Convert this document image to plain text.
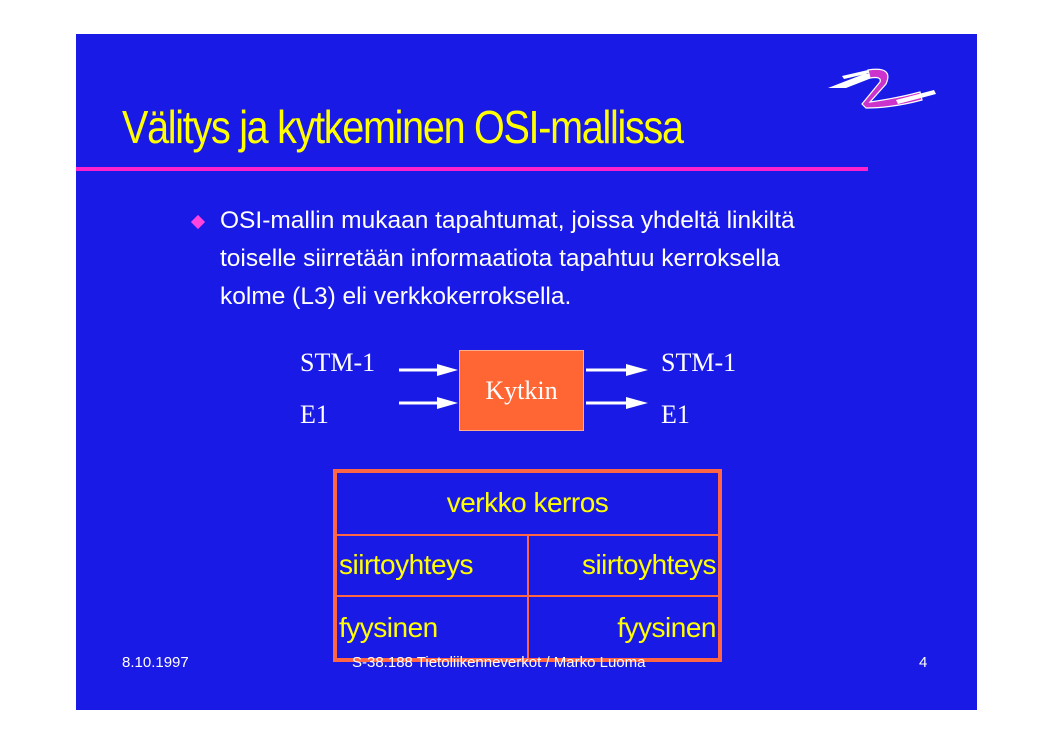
Välitys ja kytkeminen OSI-mallissa
OSI-mallin mukaan tapahtumat, joissa yhdeltä linkiltä
toiselle siirretään informaatiota tapahtuu kerroksella
kolme (L3) eli verkkokerroksella.
STM-1
E1
STM-1
E1
Kytkin
verkko kerros	
siirtoyhteys	siirtoyhteys
fyysinen	fyysinen
8.10.1997	S-38.188 Tietoliikenneverkot / Marko Luoma	4
